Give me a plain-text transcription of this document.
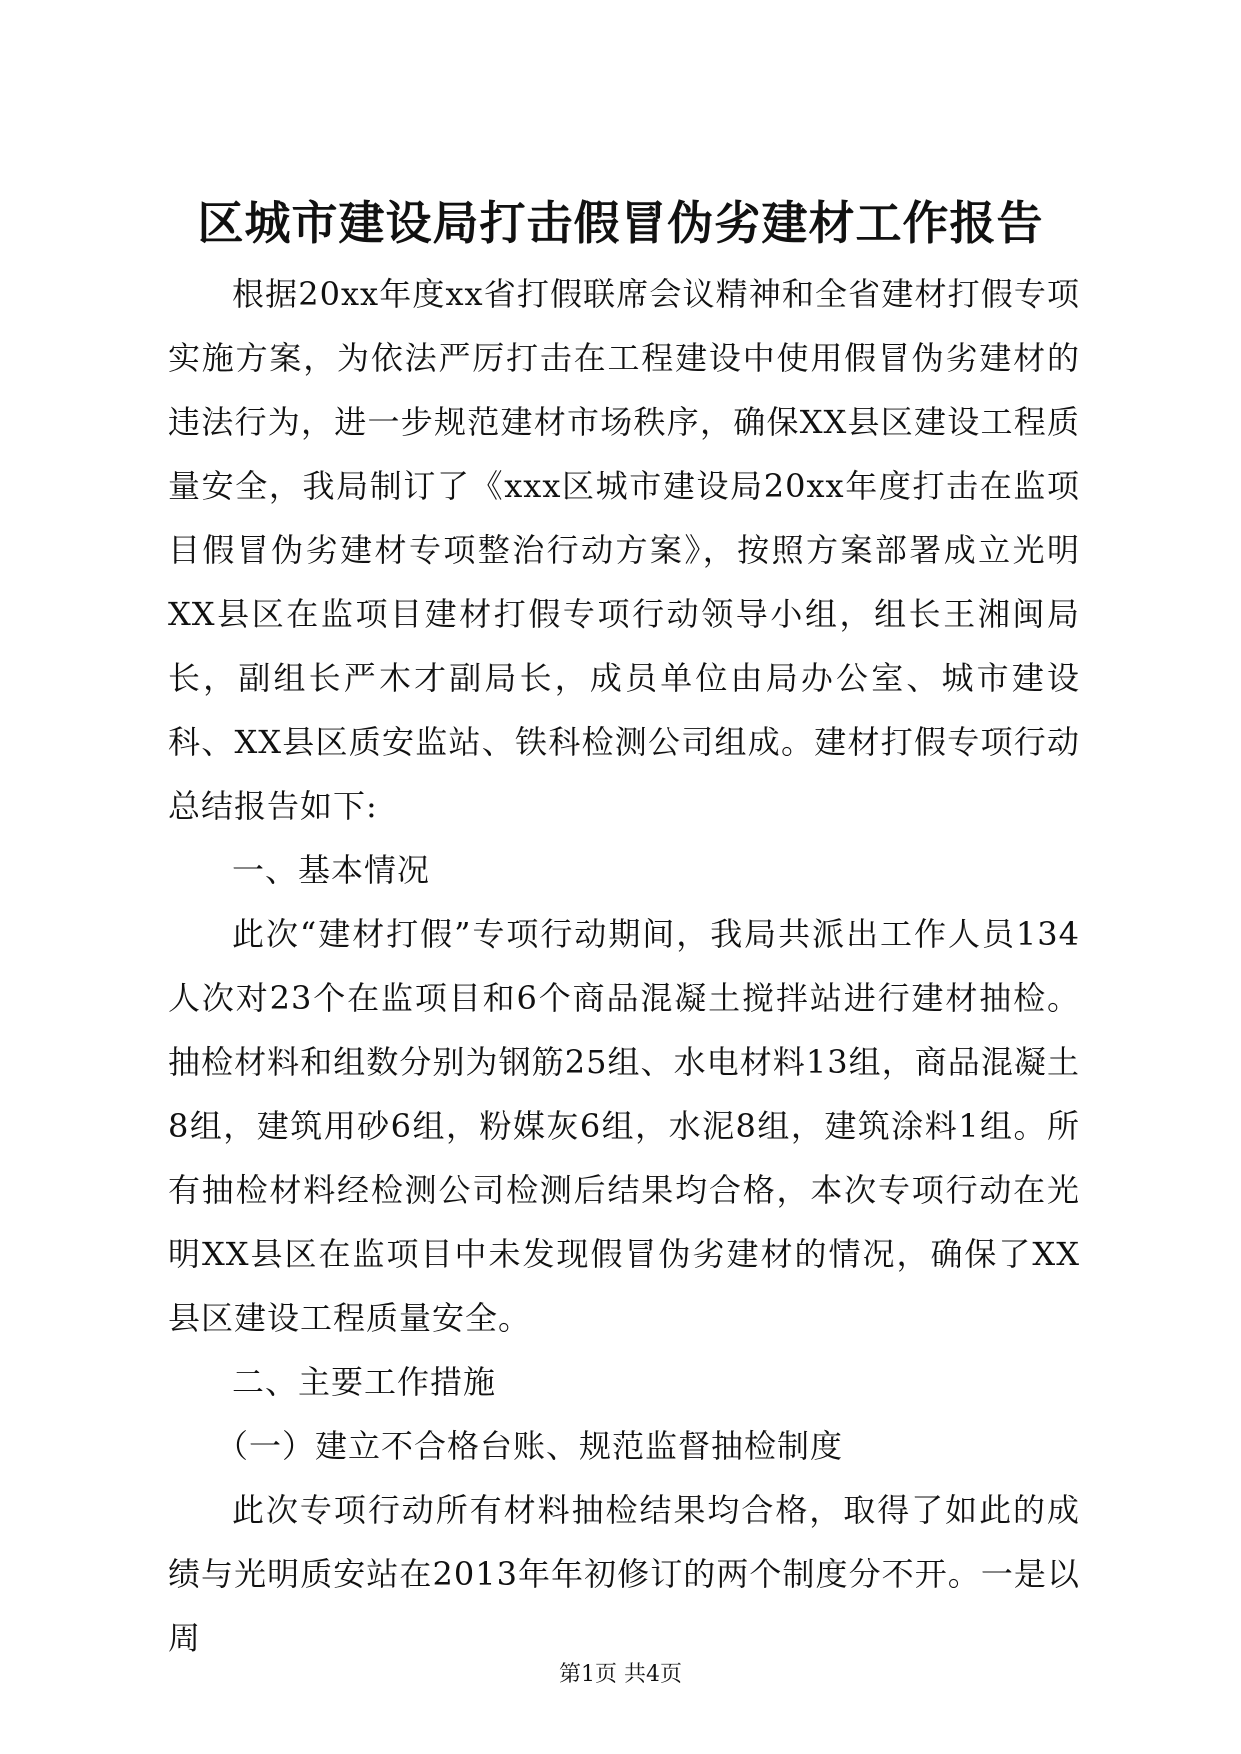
区城市建设局打击假冒伪劣建材工作报告

根据20xx年度xx省打假联席会议精神和全省建材打假专项实施方案，为依法严厉打击在工程建设中使用假冒伪劣建材的违法行为，进一步规范建材市场秩序，确保XX县区建设工程质量安全，我局制订了《xxx区城市建设局20xx年度打击在监项目假冒伪劣建材专项整治行动方案》，按照方案部署成立光明XX县区在监项目建材打假专项行动领导小组，组长王湘闽局长，副组长严木才副局长，成员单位由局办公室、城市建设科、XX县区质安监站、铁科检测公司组成。建材打假专项行动总结报告如下:

一、基本情况

此次“建材打假”专项行动期间，我局共派出工作人员134人次对23个在监项目和6个商品混凝土搅拌站进行建材抽检。抽检材料和组数分别为钢筋25组、水电材料13组，商品混凝土8组，建筑用砂6组，粉媒灰6组，水泥8组，建筑涂料1组。所有抽检材料经检测公司检测后结果均合格，本次专项行动在光明XX县区在监项目中未发现假冒伪劣建材的情况，确保了XX县区建设工程质量安全。

二、主要工作措施

（一）建立不合格台账、规范监督抽检制度

此次专项行动所有材料抽检结果均合格，取得了如此的成绩与光明质安站在2013年年初修订的两个制度分不开。一是以周

第1页 共4页
